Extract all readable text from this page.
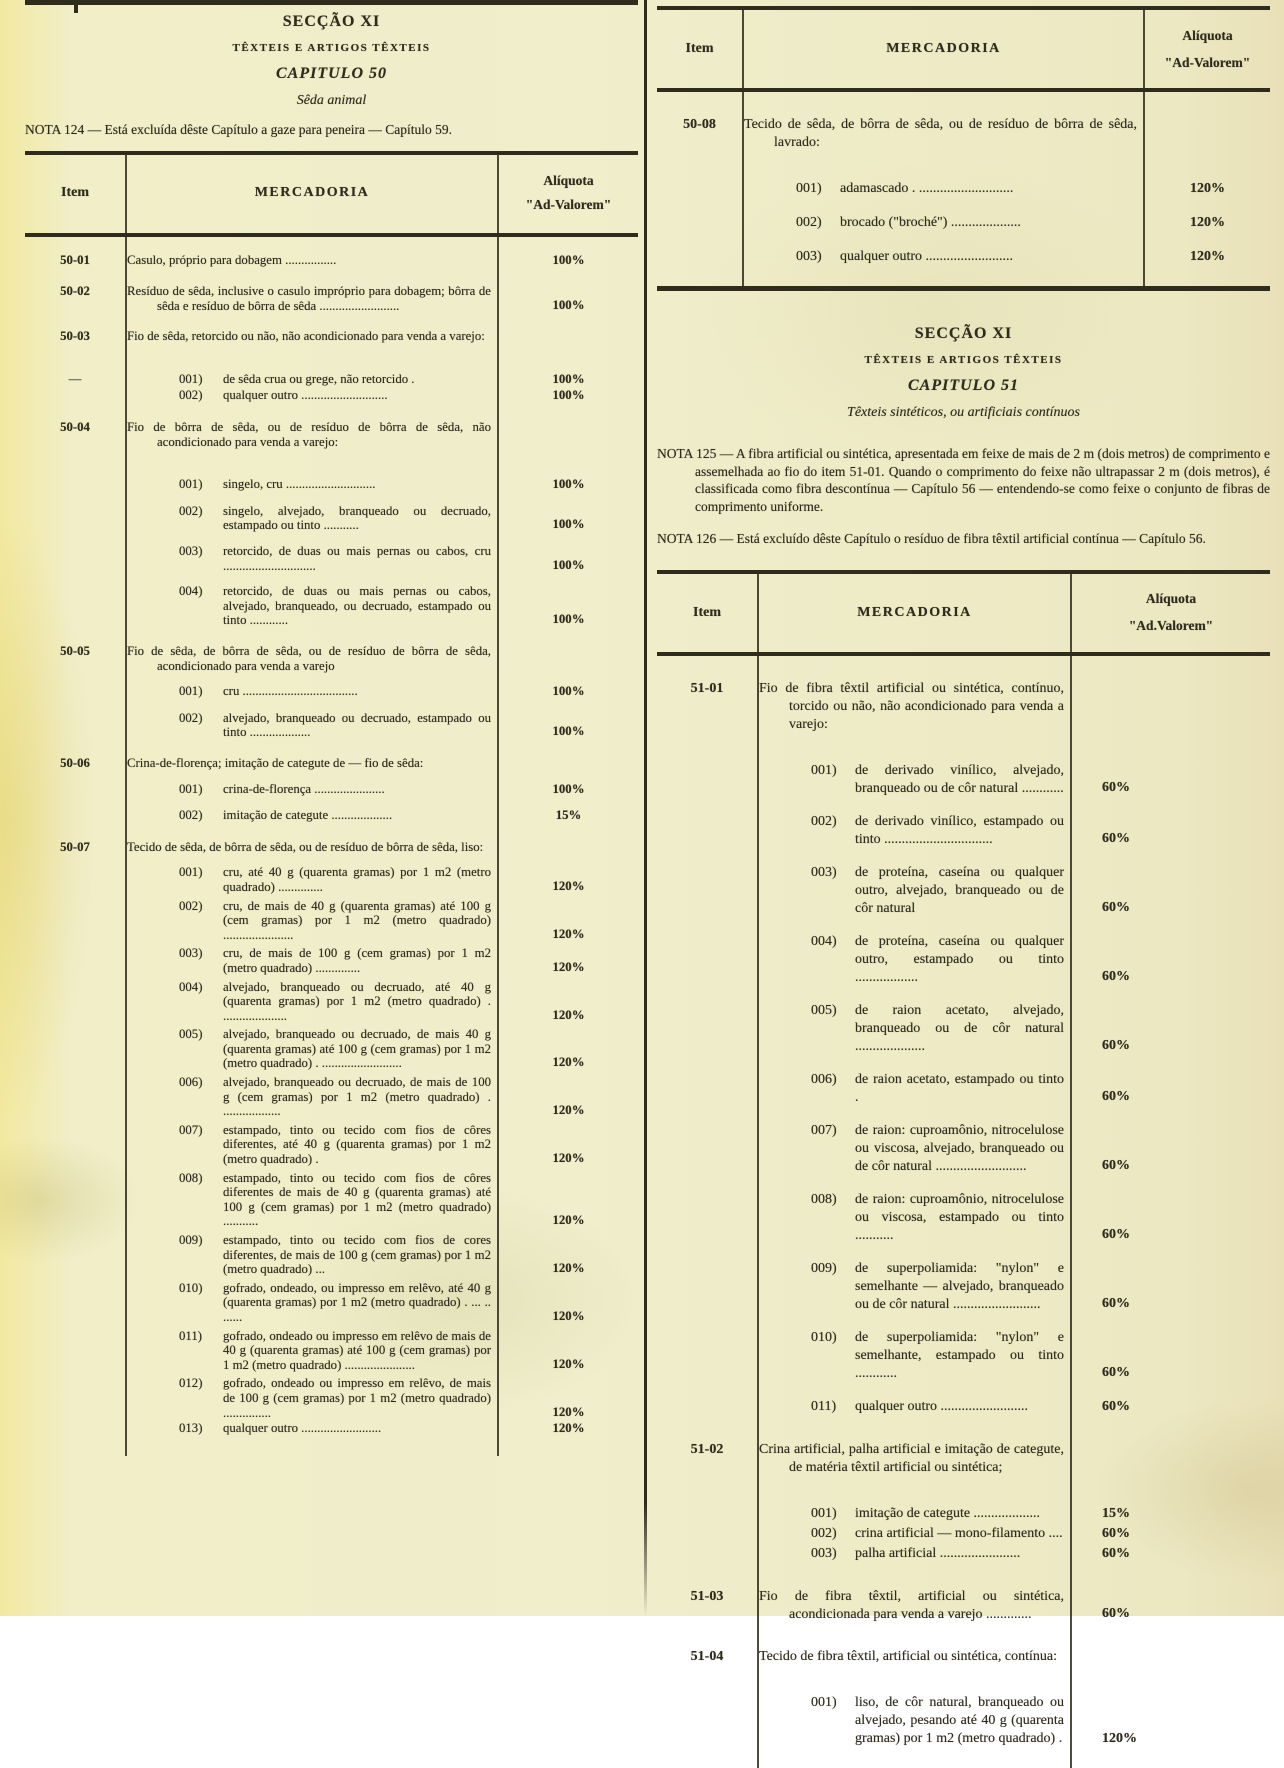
SECÇÃO XI
TÊXTEIS E ARTIGOS TÊXTEIS
CAPITULO 50
Sêda animal

NOTA 124 — Está excluída dêste Capítulo a gaze para peneira — Capítulo 59.

Item	MERCADORIA
Alíquota
"Ad-Valorem"
50-01	Casulo, próprio para dobagem ................	100%
50-02	Resíduo de sêda, inclusive o casulo impróprio para dobagem; bôrra de sêda e resíduo de bôrra de sêda .........................	100%
50-03	Fio de sêda, retorcido ou não, não acondicionado para venda a varejo:
—	001)	de sêda crua ou grege, não retorcido .	100%
002)	qualquer outro ...........................	100%
50-04	Fio de bôrra de sêda, ou de resíduo de bôrra de sêda, não acondicionado para venda a varejo:
001)	singelo, cru ............................	100%
002)	singelo, alvejado, branqueado ou decruado, estampado ou tinto ...........	100%
003)	retorcido, de duas ou mais pernas ou cabos, cru .............................	100%
004)	retorcido, de duas ou mais pernas ou cabos, alvejado, branqueado, ou decruado, estampado ou tinto ............	100%
50-05	Fio de sêda, de bôrra de sêda, ou de resíduo de bôrra de sêda, acondicionado para venda a varejo
001)	cru ....................................	100%
002)	alvejado, branqueado ou decruado, estampado ou tinto ...................	100%
50-06	Crina-de-florença; imitação de categute de — fio de sêda:
001)	crina-de-florença ......................	100%
002)	imitação de categute ...................	15%
50-07	Tecido de sêda, de bôrra de sêda, ou de resíduo de bôrra de sêda, liso:
001)	cru, até 40 g (quarenta gramas) por 1 m2 (metro quadrado) ..............	120%
002)	cru, de mais de 40 g (quarenta gramas) até 100 g (cem gramas) por 1 m2 (metro quadrado) ......................	120%
003)	cru, de mais de 100 g (cem gramas) por 1 m2 (metro quadrado) ..............	120%
004)	alvejado, branqueado ou decruado, até 40 g (quarenta gramas) por 1 m2 (metro quadrado) . ....................	120%
005)	alvejado, branqueado ou decruado, de mais 40 g (quarenta gramas) até 100 g (cem gramas) por 1 m2 (metro quadrado) . .........................	120%
006)	alvejado, branqueado ou decruado, de mais de 100 g (cem gramas) por 1 m2 (metro quadrado) . ..................	120%
007)	estampado, tinto ou tecido com fios de côres diferentes, até 40 g (quarenta gramas) por 1 m2 (metro quadrado) .	120%
008)	estampado, tinto ou tecido com fios de côres diferentes de mais de 40 g (quarenta gramas) até 100 g (cem gramas) por 1 m2 (metro quadrado) ...........	120%
009)	estampado, tinto ou tecido com fios de cores diferentes, de mais de 100 g (cem gramas) por 1 m2 (metro quadrado) ...	120%
010)	gofrado, ondeado, ou impresso em relêvo, até 40 g (quarenta gramas) por 1 m2 (metro quadrado) . ... .. ......	120%
011)	gofrado, ondeado ou impresso em relêvo de mais de 40 g (quarenta gramas) até 100 g (cem gramas) por 1 m2 (metro quadrado) ......................	120%
012)	gofrado, ondeado ou impresso em relêvo, de mais de 100 g (cem gramas) por 1 m2 (metro quadrado) ...............	120%
013)	qualquer outro .........................	120%
Item	MERCADORIA
Alíquota
"Ad-Valorem"
50-08	Tecido de sêda, de bôrra de sêda, ou de resíduo de bôrra de sêda, lavrado:
001)	adamascado . ...........................	120%
002)	brocado ("broché") ....................	120%
003)	qualquer outro .........................	120%
SECÇÃO XI
TÊXTEIS E ARTIGOS TÊXTEIS
CAPITULO 51
Têxteis sintéticos, ou artificiais contínuos

NOTA 125 — A fibra artificial ou sintética, apresentada em feixe de mais de 2 m (dois metros) de comprimento e assemelhada ao fio do item 51-01. Quando o comprimento do feixe não ultrapassar 2 m (dois metros), é classificada como fibra descontínua — Capítulo 56 — entendendo-se como feixe o conjunto de fibras de comprimento uniforme.

NOTA 126 — Está excluído dêste Capítulo o resíduo de fibra têxtil artificial contínua — Capítulo 56.

Item	MERCADORIA
Alíquota
"Ad.Valorem"
51-01	Fio de fibra têxtil artificial ou sintética, contínuo, torcido ou não, não acondicionado para venda a varejo:
001)	de derivado vinílico, alvejado, branqueado ou de côr natural ............	60%
002)	de derivado vinílico, estampado ou tinto ...............................	60%
003)	de proteína, caseína ou qualquer outro, alvejado, branqueado ou de côr natural	60%
004)	de proteína, caseína ou qualquer outro, estampado ou tinto ..................	60%
005)	de raion acetato, alvejado, branqueado ou de côr natural ....................	60%
006)	de raion acetato, estampado ou tinto .	60%
007)	de raion: cuproamônio, nitrocelulose ou viscosa, alvejado, branqueado ou de côr natural ..........................	60%
008)	de raion: cuproamônio, nitrocelulose ou viscosa, estampado ou tinto ...........	60%
009)	de superpoliamida: "nylon" e semelhante — alvejado, branqueado ou de côr natural .........................	60%
010)	de superpoliamida: "nylon" e semelhante, estampado ou tinto ............	60%
011)	qualquer outro .........................	60%
51-02	Crina artificial, palha artificial e imitação de categute, de matéria têxtil artificial ou sintética;
001)	imitação de categute ...................	15%
002)	crina artificial — mono-filamento ....	60%
003)	palha artificial .......................	60%
51-03	Fio de fibra têxtil, artificial ou sintética, acondicionada para venda a varejo .............	60%
51-04	Tecido de fibra têxtil, artificial ou sintética, contínua:
001)	liso, de côr natural, branqueado ou alvejado, pesando até 40 g (quarenta gramas) por 1 m2 (metro quadrado) .	120%
